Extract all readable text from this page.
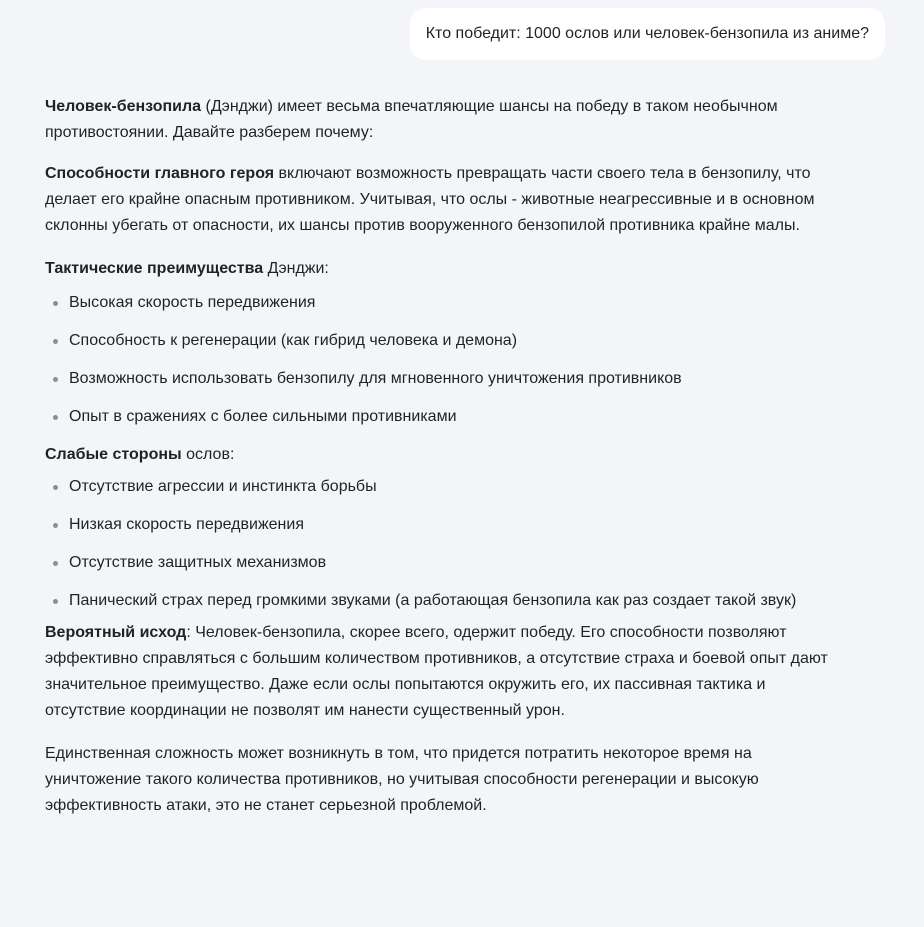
Кто победит: 1000 ослов или человек-бензопила из аниме?

Человек-бензопила (Дэнджи) имеет весьма впечатляющие шансы на победу в таком необычном противостоянии. Давайте разберем почему:

Способности главного героя включают возможность превращать части своего тела в бензопилу, что делает его крайне опасным противником. Учитывая, что ослы - животные неагрессивные и в основном склонны убегать от опасности, их шансы против вооруженного бензопилой противника крайне малы.

Тактические преимущества Дэнджи:

Высокая скорость передвижения
Способность к регенерации (как гибрид человека и демона)
Возможность использовать бензопилу для мгновенного уничтожения противников
Опыт в сражениях с более сильными противниками

Слабые стороны ослов:

Отсутствие агрессии и инстинкта борьбы
Низкая скорость передвижения
Отсутствие защитных механизмов
Панический страх перед громкими звуками (а работающая бензопила как раз создает такой звук)

Вероятный исход: Человек-бензопила, скорее всего, одержит победу. Его способности позволяют эффективно справляться с большим количеством противников, а отсутствие страха и боевой опыт дают значительное преимущество. Даже если ослы попытаются окружить его, их пассивная тактика и отсутствие координации не позволят им нанести существенный урон.

Единственная сложность может возникнуть в том, что придется потратить некоторое время на уничтожение такого количества противников, но учитывая способности регенерации и высокую эффективность атаки, это не станет серьезной проблемой.
